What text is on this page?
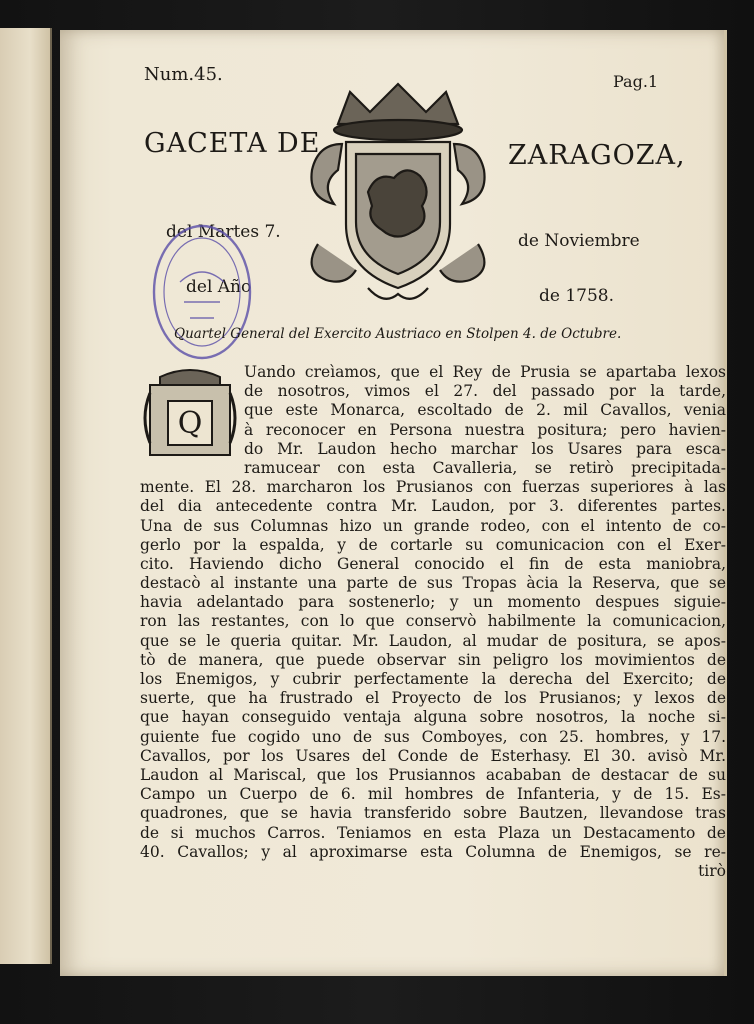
Num.45.	Pag.1
GACETA DE	ZARAGOZA,
del Martes 7.	de Noviembre
del Año	de 1758.
Quartel General del Exercito Austriaco en Stolpen 4. de Octubre.
Q
Uando creìamos, que el Rey de Prusia se apartaba lexos
de nosotros, vimos el 27. del passado por la tarde,
que este Monarca, escoltado de 2. mil Cavallos, venia
à reconocer en Persona nuestra positura; pero havien-
do Mr. Laudon hecho marchar los Usares para esca-
ramucear con esta Cavalleria, se retirò precipitada-
mente. El 28. marcharon los Prusianos con fuerzas superiores à las
del dia antecedente contra Mr. Laudon, por 3. diferentes partes.
Una de sus Columnas hizo un grande rodeo, con el intento de co-
gerlo por la espalda, y de cortarle su comunicacion con el Exer-
cito. Haviendo dicho General conocido el fin de esta maniobra,
destacò al instante una parte de sus Tropas àcia la Reserva, que se
havia adelantado para sostenerlo; y un momento despues siguie-
ron las restantes, con lo que conservò habilmente la comunicacion,
que se le queria quitar. Mr. Laudon, al mudar de positura, se apos-
tò de manera, que puede observar sin peligro los movimientos de
los Enemigos, y cubrir perfectamente la derecha del Exercito; de
suerte, que ha frustrado el Proyecto de los Prusianos; y lexos de
que hayan conseguido ventaja alguna sobre nosotros, la noche si-
guiente fue cogido uno de sus Comboyes, con 25. hombres, y 17.
Cavallos, por los Usares del Conde de Esterhasy. El 30. avisò Mr.
Laudon al Mariscal, que los Prusiannos acababan de destacar de su
Campo un Cuerpo de 6. mil hombres de Infanteria, y de 15. Es-
quadrones, que se havia transferido sobre Bautzen, llevandose tras
de si muchos Carros. Teniamos en esta Plaza un Destacamento de
40. Cavallos; y al aproximarse esta Columna de Enemigos, se re-
tirò
